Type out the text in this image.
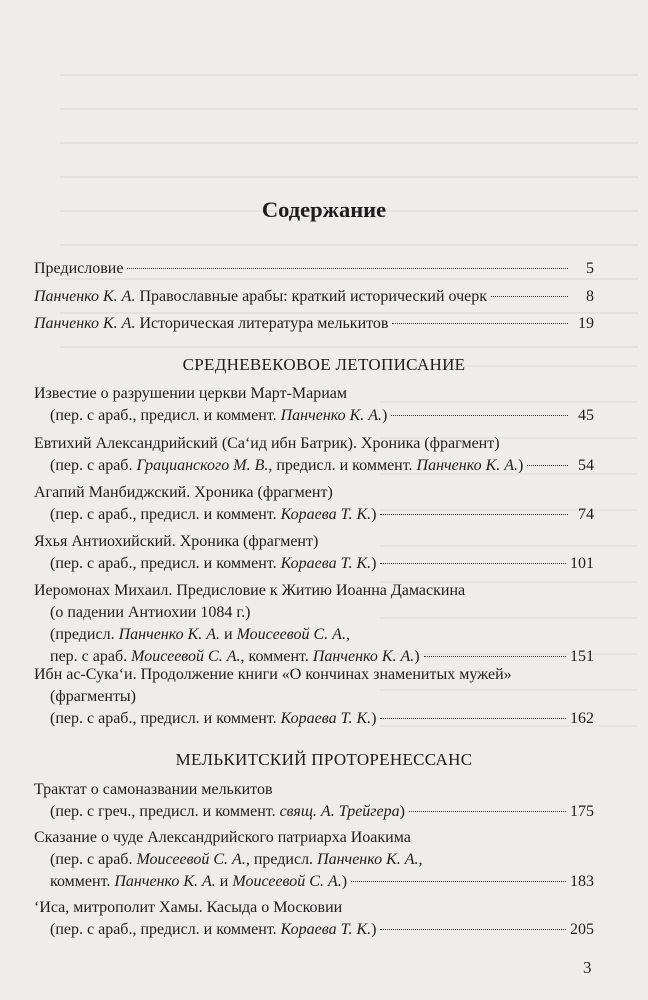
Содержание
Предисловие	5
Панченко К. А. Православные арабы: краткий исторический очерк	8
Панченко К. А. Историческая литература мелькитов	19
СРЕДНЕВЕКОВОЕ ЛЕТОПИСАНИЕ
Известие о разрушении церкви Март-Мариам
(пер. с араб., предисл. и коммент. Панченко К. А.)	45
Евтихий Александрийский (Са‘ид ибн Батрик). Хроника (фрагмент)
(пер. с араб. Грацианского М. В., предисл. и коммент. Панченко К. А.)	54
Агапий Манбиджский. Хроника (фрагмент)
(пер. с араб., предисл. и коммент. Кораева Т. К.)	74
Яхья Антиохийский. Хроника (фрагмент)
(пер. с араб., предисл. и коммент. Кораева Т. К.)	101
Иеромонах Михаил. Предисловие к Житию Иоанна Дамаскина
(о падении Антиохии 1084 г.)
(предисл. Панченко К. А. и Моисеевой С. А.,
пер. с араб. Моисеевой С. А., коммент. Панченко К. А.)	151
Ибн ас-Сука‘и. Продолжение книги «О кончинах знаменитых мужей»
(фрагменты)
(пер. с араб., предисл. и коммент. Кораева Т. К.)	162
МЕЛЬКИТСКИЙ ПРОТОРЕНЕССАНС
Трактат о самоназвании мелькитов
(пер. с греч., предисл. и коммент. свящ. А. Трейгера)	175
Сказание о чуде Александрийского патриарха Иоакима
(пер. с араб. Моисеевой С. А., предисл. Панченко К. А.,
коммент. Панченко К. А. и Моисеевой С. А.)	183
‘Иса, митрополит Хамы. Касыда о Московии
(пер. с араб., предисл. и коммент. Кораева Т. К.)	205
3
